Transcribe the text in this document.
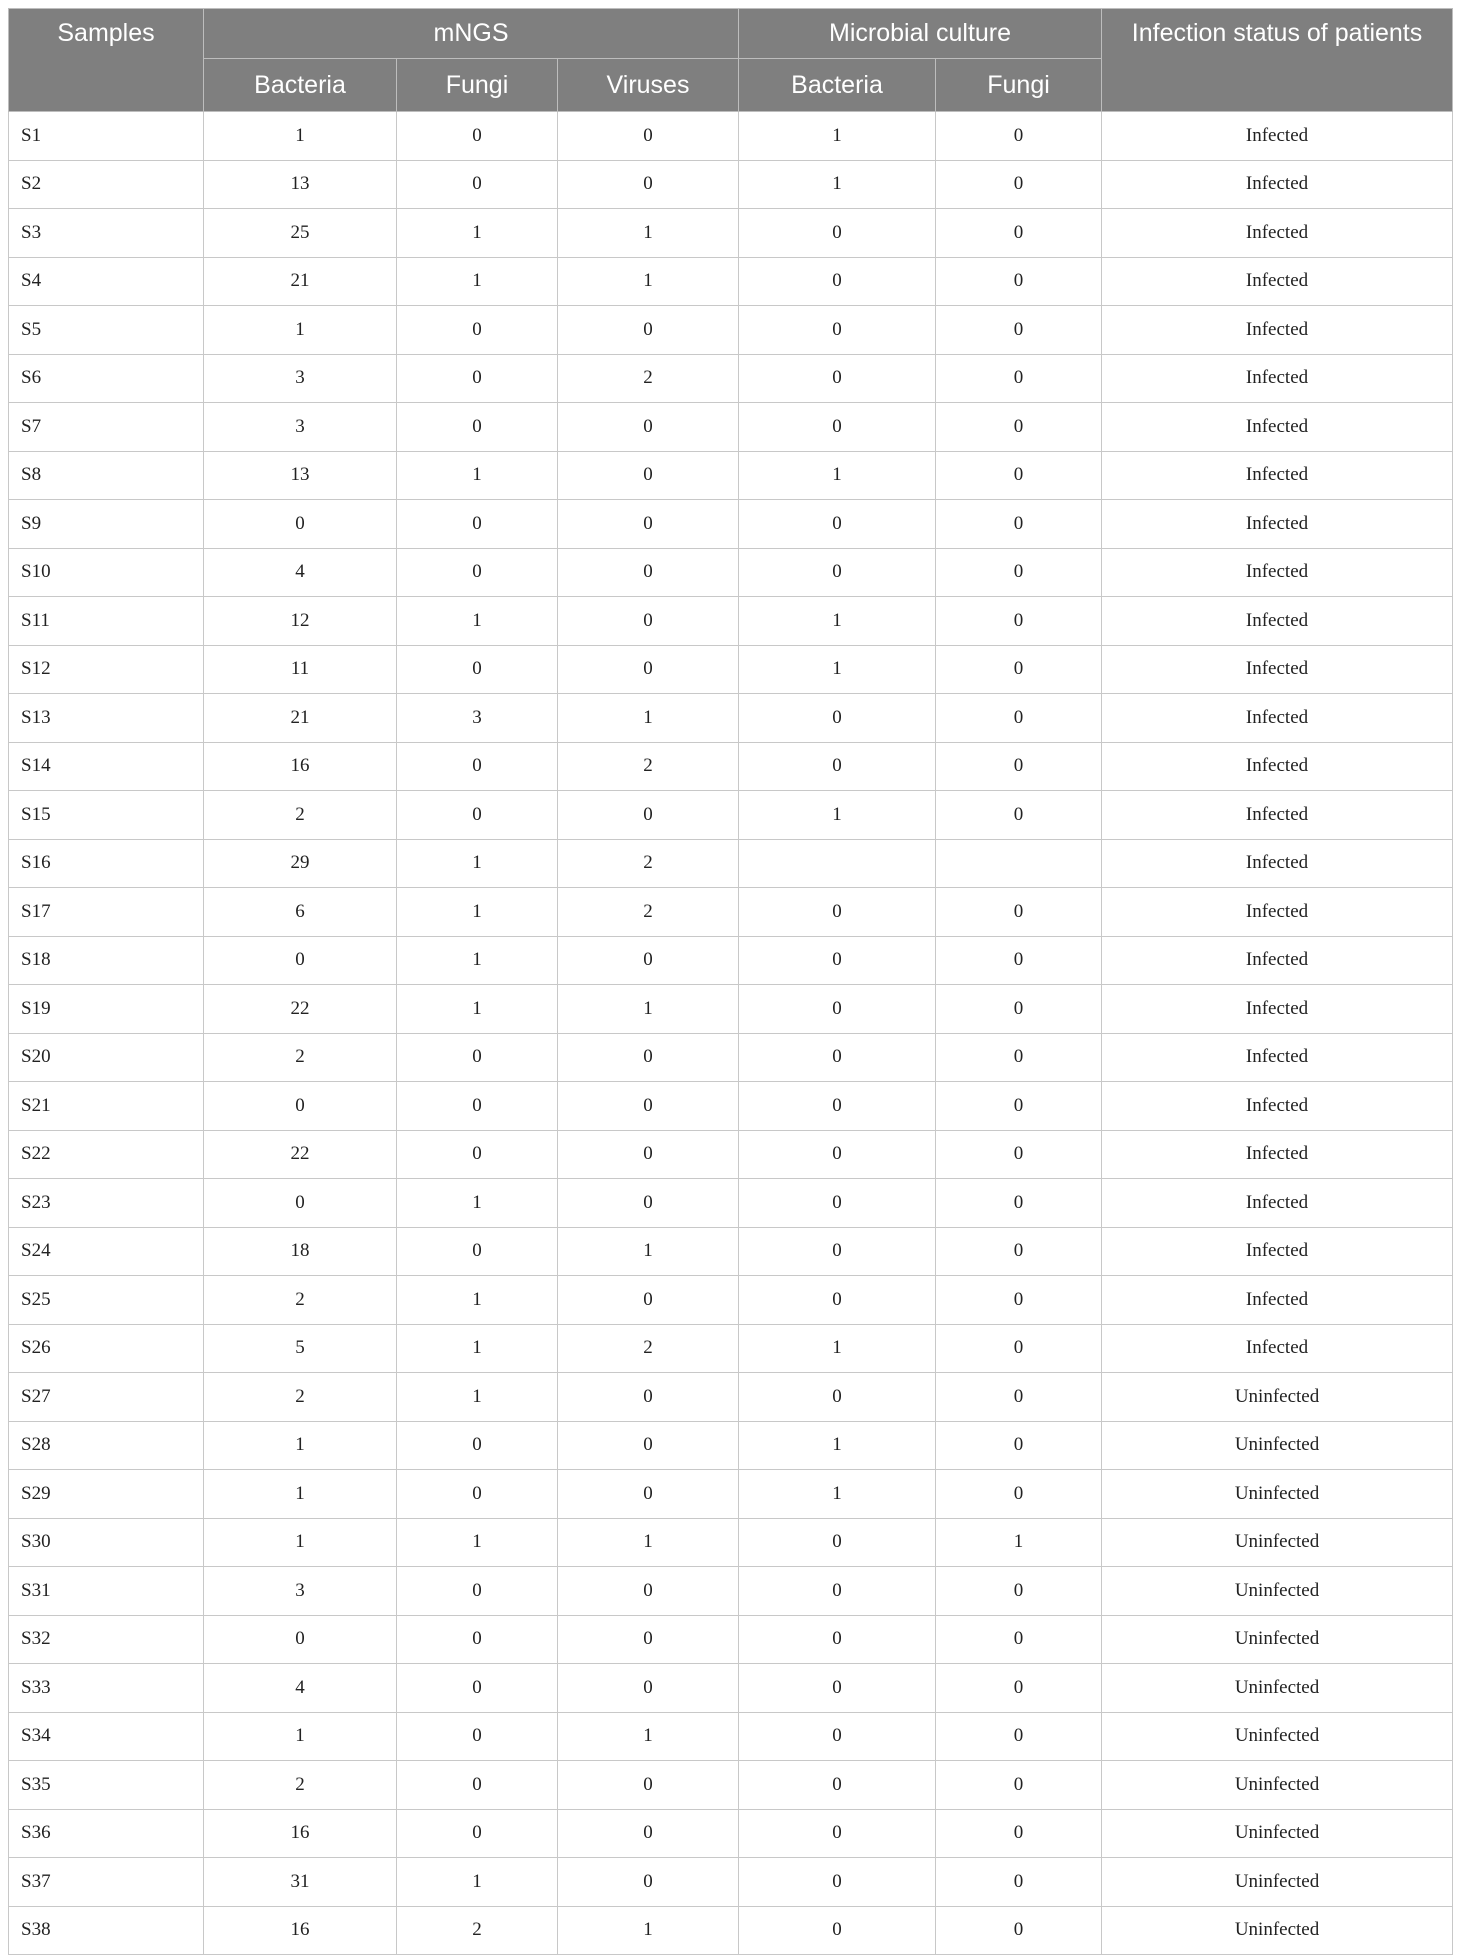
Samples	mNGS			Microbial culture		Infection status of patients
	Bacteria	Fungi	Viruses	Bacteria	Fungi	
S1	1	0	0	1	0	Infected
S2	13	0	0	1	0	Infected
S3	25	1	1	0	0	Infected
S4	21	1	1	0	0	Infected
S5	1	0	0	0	0	Infected
S6	3	0	2	0	0	Infected
S7	3	0	0	0	0	Infected
S8	13	1	0	1	0	Infected
S9	0	0	0	0	0	Infected
S10	4	0	0	0	0	Infected
S11	12	1	0	1	0	Infected
S12	11	0	0	1	0	Infected
S13	21	3	1	0	0	Infected
S14	16	0	2	0	0	Infected
S15	2	0	0	1	0	Infected
S16	29	1	2			Infected
S17	6	1	2	0	0	Infected
S18	0	1	0	0	0	Infected
S19	22	1	1	0	0	Infected
S20	2	0	0	0	0	Infected
S21	0	0	0	0	0	Infected
S22	22	0	0	0	0	Infected
S23	0	1	0	0	0	Infected
S24	18	0	1	0	0	Infected
S25	2	1	0	0	0	Infected
S26	5	1	2	1	0	Infected
S27	2	1	0	0	0	Uninfected
S28	1	0	0	1	0	Uninfected
S29	1	0	0	1	0	Uninfected
S30	1	1	1	0	1	Uninfected
S31	3	0	0	0	0	Uninfected
S32	0	0	0	0	0	Uninfected
S33	4	0	0	0	0	Uninfected
S34	1	0	1	0	0	Uninfected
S35	2	0	0	0	0	Uninfected
S36	16	0	0	0	0	Uninfected
S37	31	1	0	0	0	Uninfected
S38	16	2	1	0	0	Uninfected
